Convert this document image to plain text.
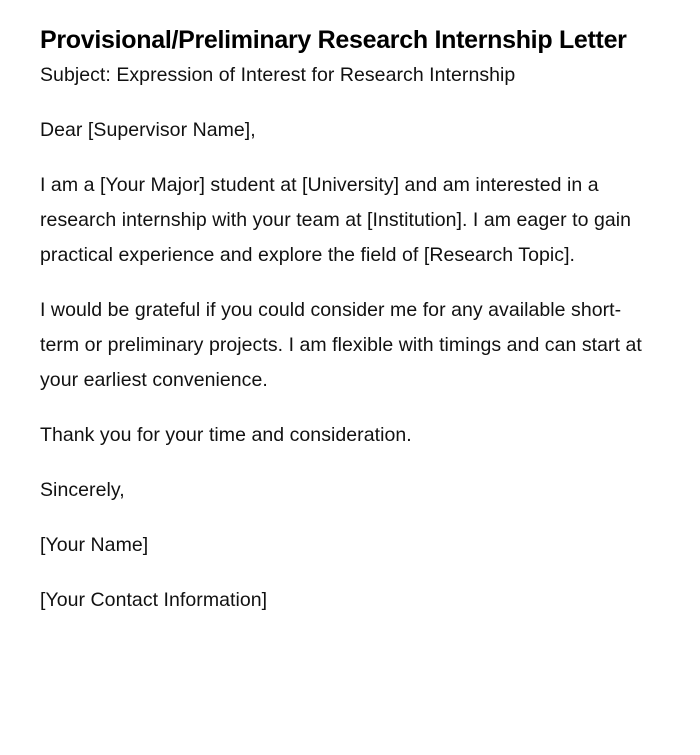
Provisional/Preliminary Research Internship Letter

Subject: Expression of Interest for Research Internship

Dear [Supervisor Name],

I am a [Your Major] student at [University] and am interested in a research internship with your team at [Institution]. I am eager to gain practical experience and explore the field of [Research Topic].

I would be grateful if you could consider me for any available short-term or preliminary projects. I am flexible with timings and can start at your earliest convenience.

Thank you for your time and consideration.

Sincerely,

[Your Name]

[Your Contact Information]
